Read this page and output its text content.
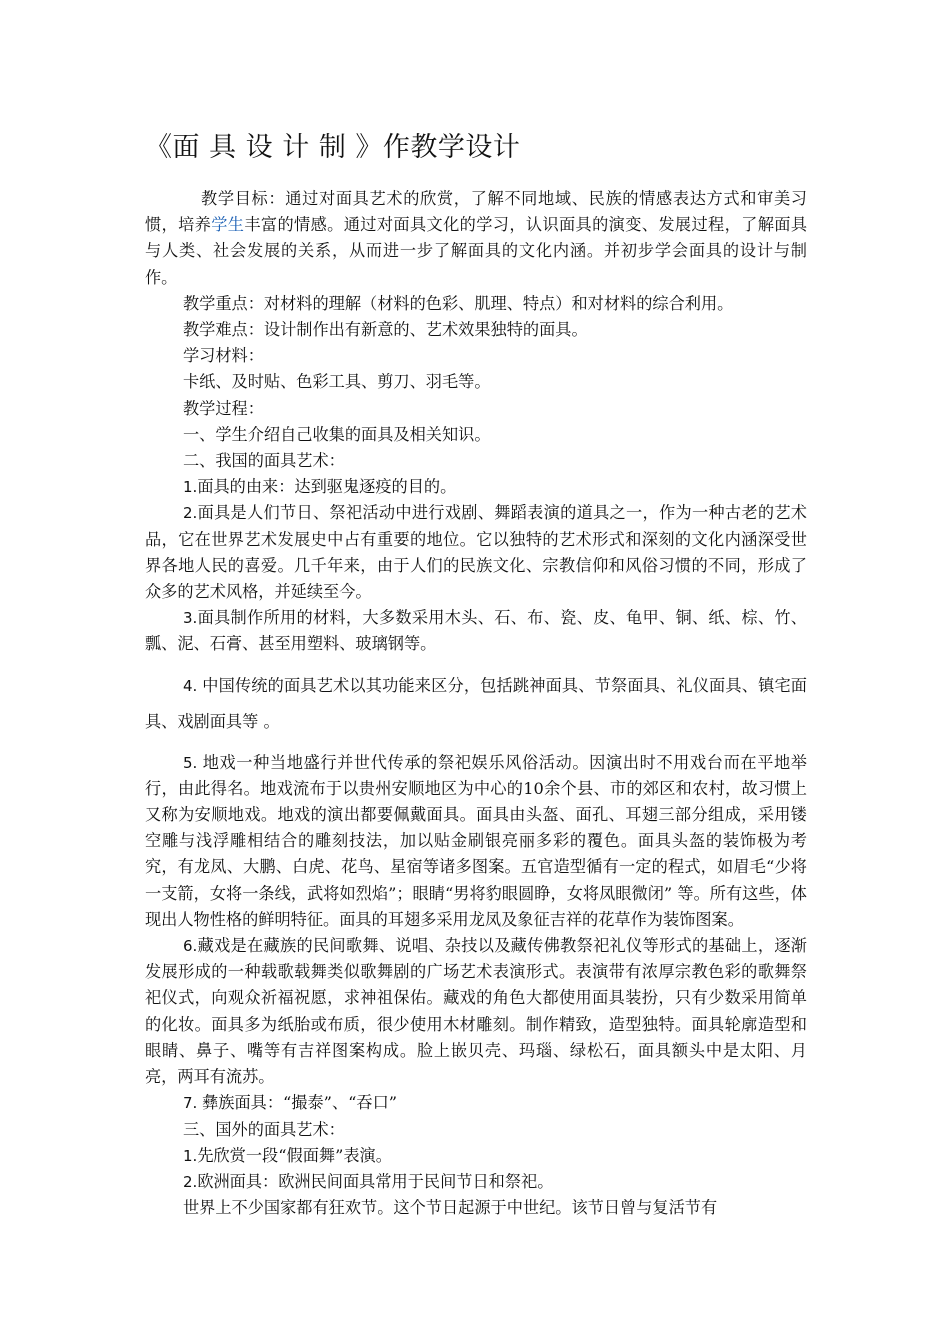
《面 具 设 计 制 》作教学设计

教学目标：通过对面具艺术的欣赏，了解不同地域、民族的情感表达方式和审美习惯，培养学生丰富的情感。通过对面具文化的学习，认识面具的演变、发展过程，了解面具与人类、社会发展的关系，从而进一步了解面具的文化内涵。并初步学会面具的设计与制作。

教学重点：对材料的理解（材料的色彩、肌理、特点）和对材料的综合利用。

教学难点：设计制作出有新意的、艺术效果独特的面具。

学习材料：

卡纸、及时贴、色彩工具、剪刀、羽毛等。

教学过程：

一、学生介绍自己收集的面具及相关知识。

二、我国的面具艺术：

1.面具的由来：达到驱鬼逐疫的目的。

2.面具是人们节日、祭祀活动中进行戏剧、舞蹈表演的道具之一，作为一种古老的艺术品，它在世界艺术发展史中占有重要的地位。它以独特的艺术形式和深刻的文化内涵深受世界各地人民的喜爱。几千年来，由于人们的民族文化、宗教信仰和风俗习惯的不同，形成了众多的艺术风格，并延续至今。

3.面具制作所用的材料，大多数采用木头、石、布、瓷、皮、龟甲、铜、纸、棕、竹、瓢、泥、石膏、甚至用塑料、玻璃钢等。

4. 中国传统的面具艺术以其功能来区分，包括跳神面具、节祭面具、礼仪面具、镇宅面具、戏剧面具等 。

5. 地戏一种当地盛行并世代传承的祭祀娱乐风俗活动。因演出时不用戏台而在平地举行，由此得名。地戏流布于以贵州安顺地区为中心的10余个县、市的郊区和农村，故习惯上又称为安顺地戏。地戏的演出都要佩戴面具。面具由头盔、面孔、耳翅三部分组成，采用镂空雕与浅浮雕相结合的雕刻技法，加以贴金刷银亮丽多彩的覆色。面具头盔的装饰极为考究，有龙凤、大鹏、白虎、花鸟、星宿等诸多图案。五官造型循有一定的程式，如眉毛“少将一支箭，女将一条线，武将如烈焰”；眼睛“男将豹眼圆睁，女将凤眼微闭” 等。所有这些，体现出人物性格的鲜明特征。面具的耳翅多采用龙凤及象征吉祥的花草作为装饰图案。

6.藏戏是在藏族的民间歌舞、说唱、杂技以及藏传佛教祭祀礼仪等形式的基础上，逐渐发展形成的一种载歌载舞类似歌舞剧的广场艺术表演形式。表演带有浓厚宗教色彩的歌舞祭祀仪式，向观众祈福祝愿，求神祖保佑。藏戏的角色大都使用面具装扮，只有少数采用简单的化妆。面具多为纸胎或布质，很少使用木材雕刻。制作精致，造型独特。面具轮廓造型和眼睛、鼻子、嘴等有吉祥图案构成。脸上嵌贝壳、玛瑙、绿松石，面具额头中是太阳、月亮，两耳有流苏。

7. 彝族面具：“撮泰”、“吞口”

三、国外的面具艺术：

1.先欣赏一段“假面舞”表演。

2.欧洲面具：欧洲民间面具常用于民间节日和祭祀。

世界上不少国家都有狂欢节。这个节日起源于中世纪。该节日曾与复活节有
